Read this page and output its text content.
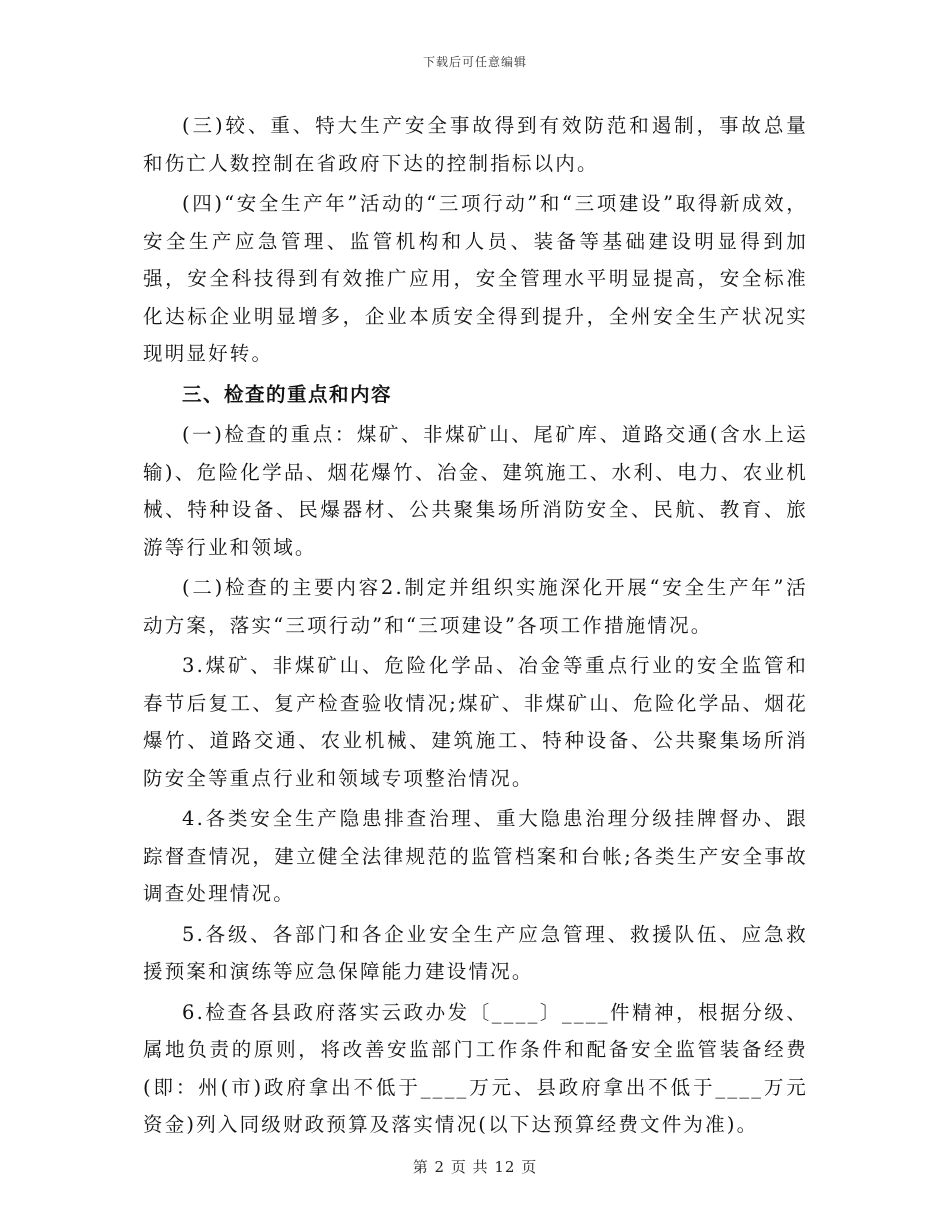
下载后可任意编辑

(三)较、重、特大生产安全事故得到有效防范和遏制，事故总量和伤亡人数控制在省政府下达的控制指标以内。

(四)“安全生产年”活动的“三项行动”和“三项建设”取得新成效，安全生产应急管理、监管机构和人员、装备等基础建设明显得到加强，安全科技得到有效推广应用，安全管理水平明显提高，安全标准化达标企业明显增多，企业本质安全得到提升，全州安全生产状况实现明显好转。

三、检查的重点和内容

(一)检查的重点：煤矿、非煤矿山、尾矿库、道路交通(含水上运输)、危险化学品、烟花爆竹、冶金、建筑施工、水利、电力、农业机械、特种设备、民爆器材、公共聚集场所消防安全、民航、教育、旅游等行业和领域。

(二)检查的主要内容2.制定并组织实施深化开展“安全生产年”活动方案，落实“三项行动”和“三项建设”各项工作措施情况。

3.煤矿、非煤矿山、危险化学品、冶金等重点行业的安全监管和春节后复工、复产检查验收情况;煤矿、非煤矿山、危险化学品、烟花爆竹、道路交通、农业机械、建筑施工、特种设备、公共聚集场所消防安全等重点行业和领域专项整治情况。

4.各类安全生产隐患排查治理、重大隐患治理分级挂牌督办、跟踪督查情况，建立健全法律规范的监管档案和台帐;各类生产安全事故调查处理情况。

5.各级、各部门和各企业安全生产应急管理、救援队伍、应急救援预案和演练等应急保障能力建设情况。

6.检查各县政府落实云政办发〔____〕____件精神，根据分级、属地负责的原则，将改善安监部门工作条件和配备安全监管装备经费(即：州(市)政府拿出不低于____万元、县政府拿出不低于____万元资金)列入同级财政预算及落实情况(以下达预算经费文件为准)。

第 2 页 共 12 页
